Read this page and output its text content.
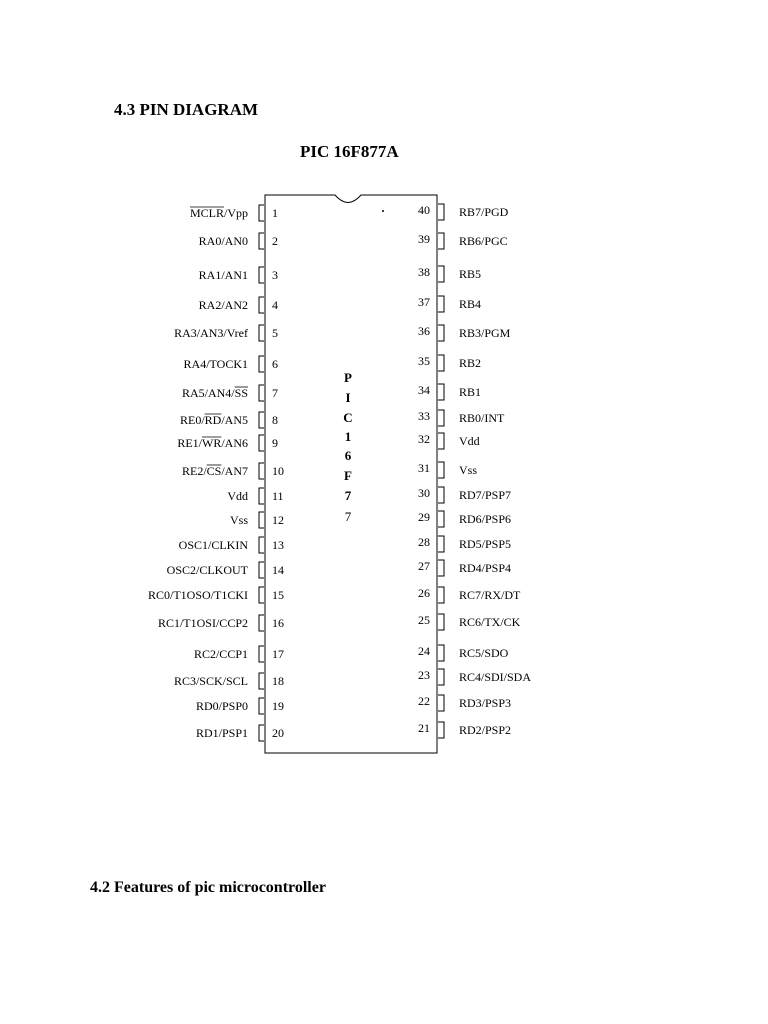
4.3 PIN DIAGRAM
PIC 16F877A
P
I
C
1
6
F
7
7
1
MCLR/Vpp
2
RA0/AN0
3
RA1/AN1
4
RA2/AN2
5
RA3/AN3/Vref
6
RA4/TOCK1
7
RA5/AN4/SS
8
RE0/RD/AN5
9
RE1/WR/AN6
10
RE2/CS/AN7
11
Vdd
12
Vss
13
OSC1/CLKIN
14
OSC2/CLKOUT
15
RC0/T1OSO/T1CKI
16
RC1/T1OSI/CCP2
17
RC2/CCP1
18
RC3/SCK/SCL
19
RD0/PSP0
20
RD1/PSP1
40 RB7/PGD
39 RB6/PGC
38 RB5
37 RB4
36 RB3/PGM
35 RB2
34 RB1
33 RB0/INT
32 Vdd
31 Vss
30 RD7/PSP7
29 RD6/PSP6
28 RD5/PSP5
27 RD4/PSP4
26 RC7/RX/DT
25 RC6/TX/CK
24 RC5/SDO
23 RC4/SDI/SDA
22 RD3/PSP3
21 RD2/PSP2
4.2 Features of pic microcontroller
